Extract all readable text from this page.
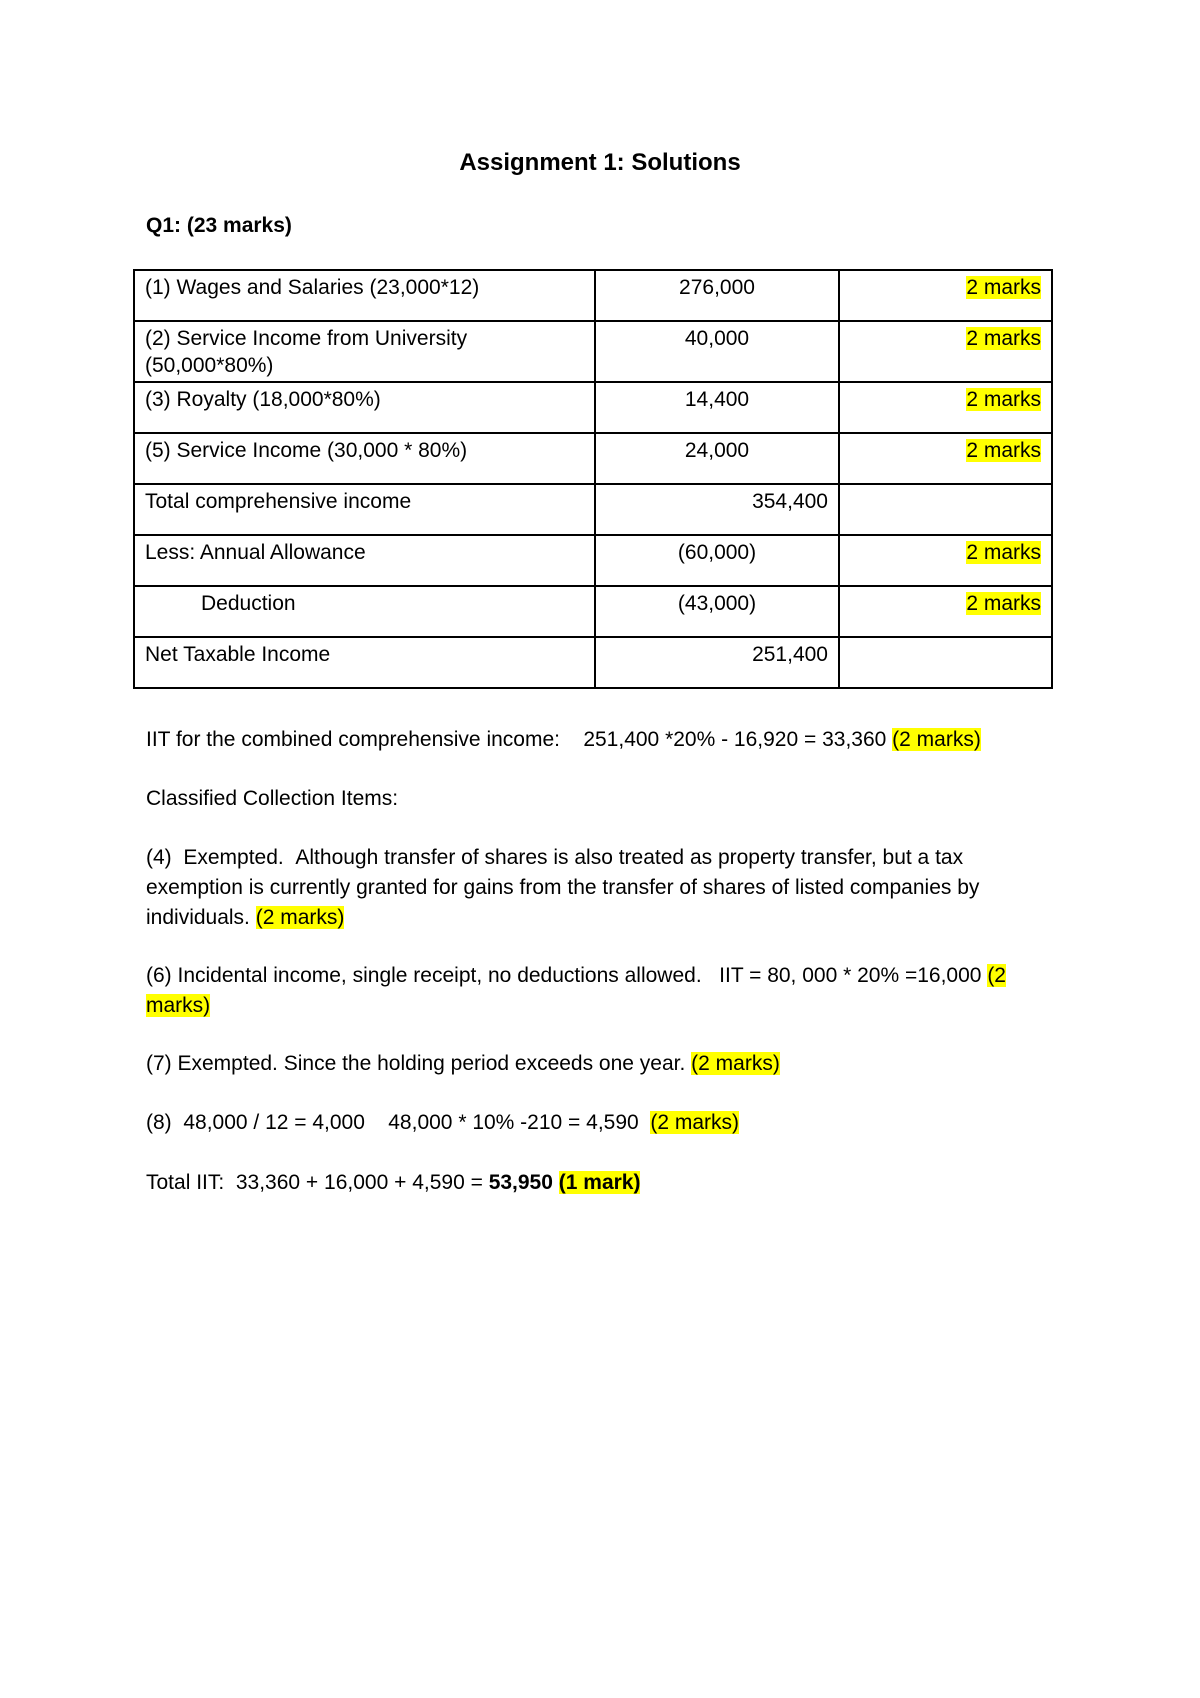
Assignment 1: Solutions

Q1: (23 marks)

(1) Wages and Salaries (23,000*12)	276,000	2 marks
(2) Service Income from University (50,000*80%)	40,000	2 marks
(3) Royalty (18,000*80%)	14,400	2 marks
(5) Service Income (30,000 * 80%)	24,000	2 marks
Total comprehensive income	354,400	
Less: Annual Allowance	(60,000)	2 marks
Deduction	(43,000)	2 marks
Net Taxable Income	251,400	

IIT for the combined comprehensive income:    251,400 *20% - 16,920 = 33,360 (2 marks)

Classified Collection Items:

(4)  Exempted.  Although transfer of shares is also treated as property transfer, but a tax exemption is currently granted for gains from the transfer of shares of listed companies by individuals. (2 marks)

(6) Incidental income, single receipt, no deductions allowed.   IIT = 80, 000 * 20% =16,000 (2 marks)

(7) Exempted. Since the holding period exceeds one year. (2 marks)

(8)  48,000 / 12 = 4,000    48,000 * 10% -210 = 4,590  (2 marks)

Total IIT:  33,360 + 16,000 + 4,590 = 53,950 (1 mark)
